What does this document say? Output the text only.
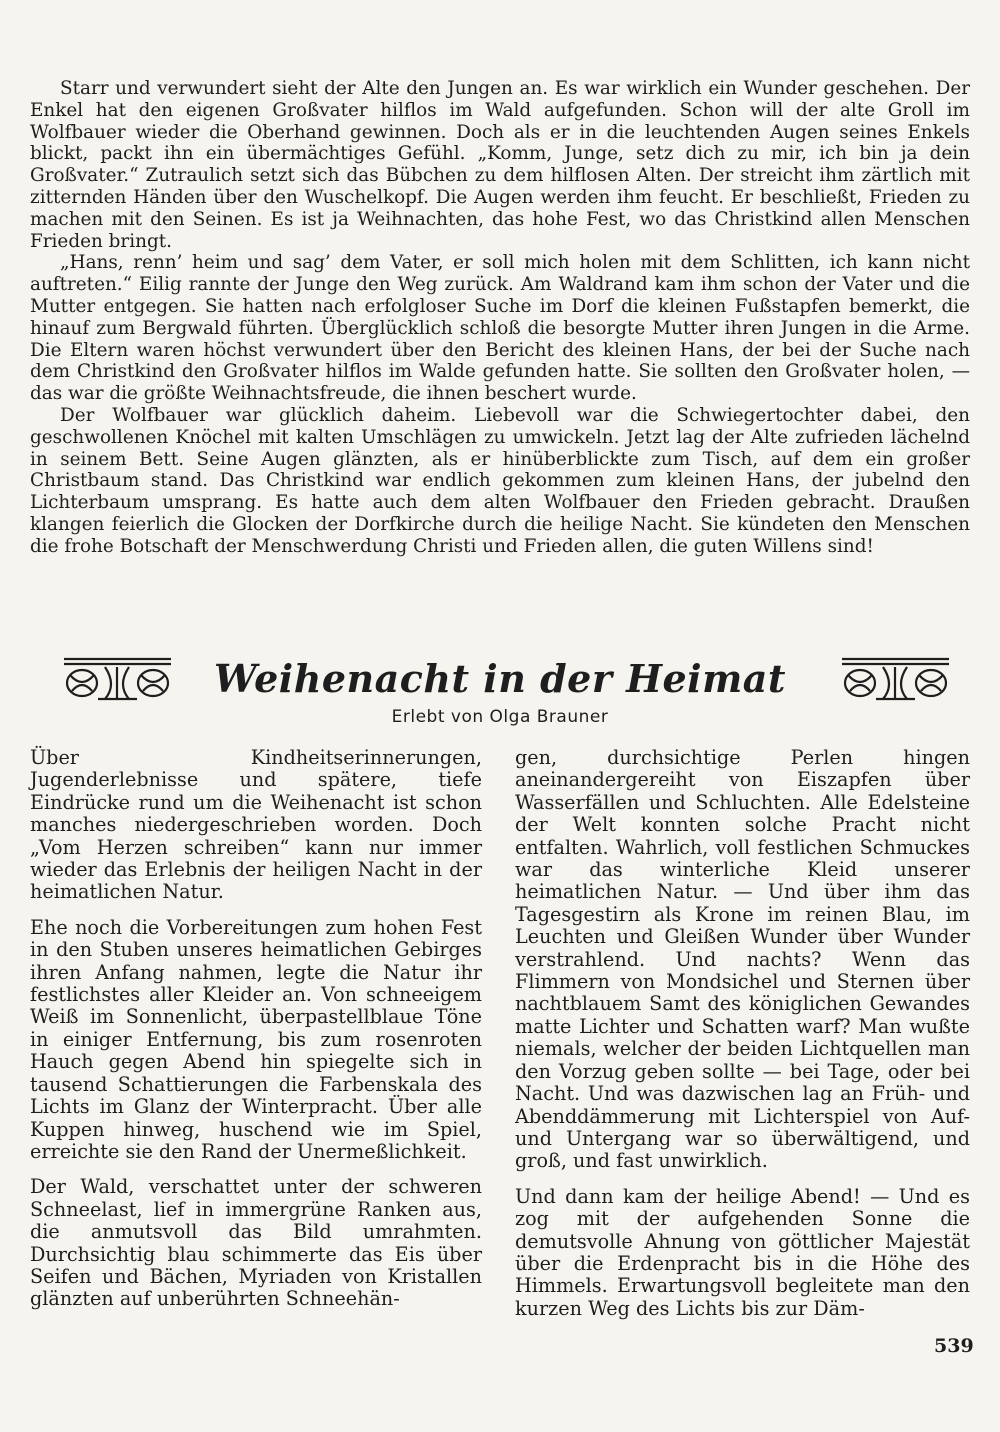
Starr und verwundert sieht der Alte den Jungen an. Es war wirklich ein Wunder geschehen. Der Enkel hat den eigenen Großvater hilflos im Wald aufgefunden. Schon will der alte Groll im Wolfbauer wieder die Oberhand gewinnen. Doch als er in die leuchtenden Augen seines Enkels blickt, packt ihn ein übermächtiges Gefühl. „Komm, Junge, setz dich zu mir, ich bin ja dein Großvater.“ Zutraulich setzt sich das Bübchen zu dem hilflosen Alten. Der streicht ihm zärtlich mit zitternden Händen über den Wuschelkopf. Die Augen werden ihm feucht. Er beschließt, Frieden zu machen mit den Seinen. Es ist ja Weihnachten, das hohe Fest, wo das Christkind allen Menschen Frieden bringt.

„Hans, renn’ heim und sag’ dem Vater, er soll mich holen mit dem Schlitten, ich kann nicht auftreten.“ Eilig rannte der Junge den Weg zurück. Am Waldrand kam ihm schon der Vater und die Mutter entgegen. Sie hatten nach erfolgloser Suche im Dorf die kleinen Fußstapfen bemerkt, die hinauf zum Bergwald führten. Überglücklich schloß die besorgte Mutter ihren Jungen in die Arme. Die Eltern waren höchst verwundert über den Bericht des kleinen Hans, der bei der Suche nach dem Christkind den Großvater hilflos im Walde gefunden hatte. Sie sollten den Großvater holen, — das war die größte Weihnachtsfreude, die ihnen beschert wurde.

Der Wolfbauer war glücklich daheim. Liebevoll war die Schwiegertochter dabei, den geschwollenen Knöchel mit kalten Umschlägen zu umwickeln. Jetzt lag der Alte zufrieden lächelnd in seinem Bett. Seine Augen glänzten, als er hinüberblickte zum Tisch, auf dem ein großer Christbaum stand. Das Christkind war endlich gekommen zum kleinen Hans, der jubelnd den Lichterbaum umsprang. Es hatte auch dem alten Wolfbauer den Frieden gebracht. Draußen klangen feierlich die Glocken der Dorfkirche durch die heilige Nacht. Sie kündeten den Menschen die frohe Botschaft der Menschwerdung Christi und Frieden allen, die guten Willens sind!

Weihenacht in der Heimat
Erlebt von Olga Brauner

Über Kindheitserinnerungen, Jugenderlebnisse und spätere, tiefe Eindrücke rund um die Weihenacht ist schon manches niedergeschrieben worden. Doch „Vom Herzen schreiben“ kann nur immer wieder das Erlebnis der heiligen Nacht in der heimatlichen Natur.

Ehe noch die Vorbereitungen zum hohen Fest in den Stuben unseres heimatlichen Gebirges ihren Anfang nahmen, legte die Natur ihr festlichstes aller Kleider an. Von schneeigem Weiß im Sonnenlicht, überpastellblaue Töne in einiger Entfernung, bis zum rosenroten Hauch gegen Abend hin spiegelte sich in tausend Schattierungen die Farbenskala des Lichts im Glanz der Winterpracht. Über alle Kuppen hinweg, huschend wie im Spiel, erreichte sie den Rand der Unermeßlichkeit.

Der Wald, verschattet unter der schweren Schneelast, lief in immergrüne Ranken aus, die anmutsvoll das Bild umrahmten. Durchsichtig blau schimmerte das Eis über Seifen und Bächen, Myriaden von Kristallen glänzten auf unberührten Schneehän-

gen, durchsichtige Perlen hingen aneinandergereiht von Eiszapfen über Wasserfällen und Schluchten. Alle Edelsteine der Welt konnten solche Pracht nicht entfalten. Wahrlich, voll festlichen Schmuckes war das winterliche Kleid unserer heimatlichen Natur. — Und über ihm das Tagesgestirn als Krone im reinen Blau, im Leuchten und Gleißen Wunder über Wunder verstrahlend. Und nachts? Wenn das Flimmern von Mondsichel und Sternen über nachtblauem Samt des königlichen Gewandes matte Lichter und Schatten warf? Man wußte niemals, welcher der beiden Lichtquellen man den Vorzug geben sollte — bei Tage, oder bei Nacht. Und was dazwischen lag an Früh- und Abenddämmerung mit Lichterspiel von Auf- und Untergang war so überwältigend, und groß, und fast unwirklich.

Und dann kam der heilige Abend! — Und es zog mit der aufgehenden Sonne die demutsvolle Ahnung von göttlicher Majestät über die Erdenpracht bis in die Höhe des Himmels. Erwartungsvoll begleitete man den kurzen Weg des Lichts bis zur Däm-

539
